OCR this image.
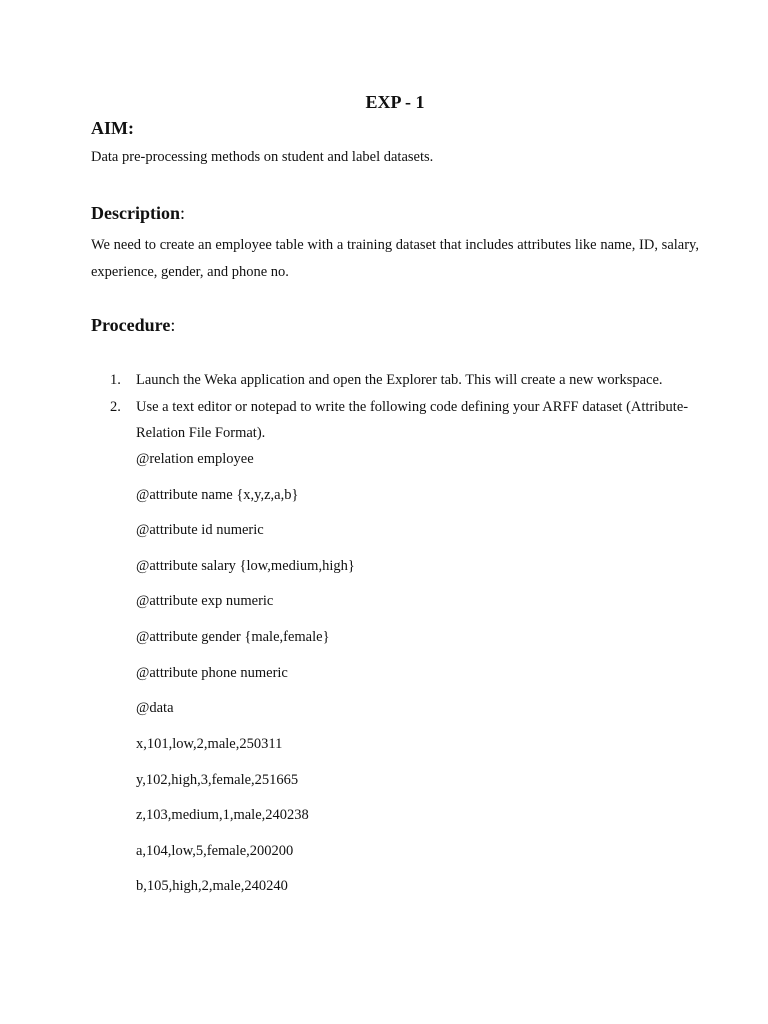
EXP - 1
AIM:
Data pre-processing methods on student and label datasets.
Description:
We need to create an employee table with a training dataset that includes attributes like name, ID, salary, experience, gender, and phone no.
Procedure:
1.	Launch the Weka application and open the Explorer tab. This will create a new workspace.
2.	Use a text editor or notepad to write the following code defining your ARFF dataset (Attribute-Relation File Format).
@relation employee
@attribute name {x,y,z,a,b}
@attribute id numeric
@attribute salary {low,medium,high}
@attribute exp numeric
@attribute gender {male,female}
@attribute phone numeric
@data
x,101,low,2,male,250311
y,102,high,3,female,251665
z,103,medium,1,male,240238
a,104,low,5,female,200200
b,105,high,2,male,240240
